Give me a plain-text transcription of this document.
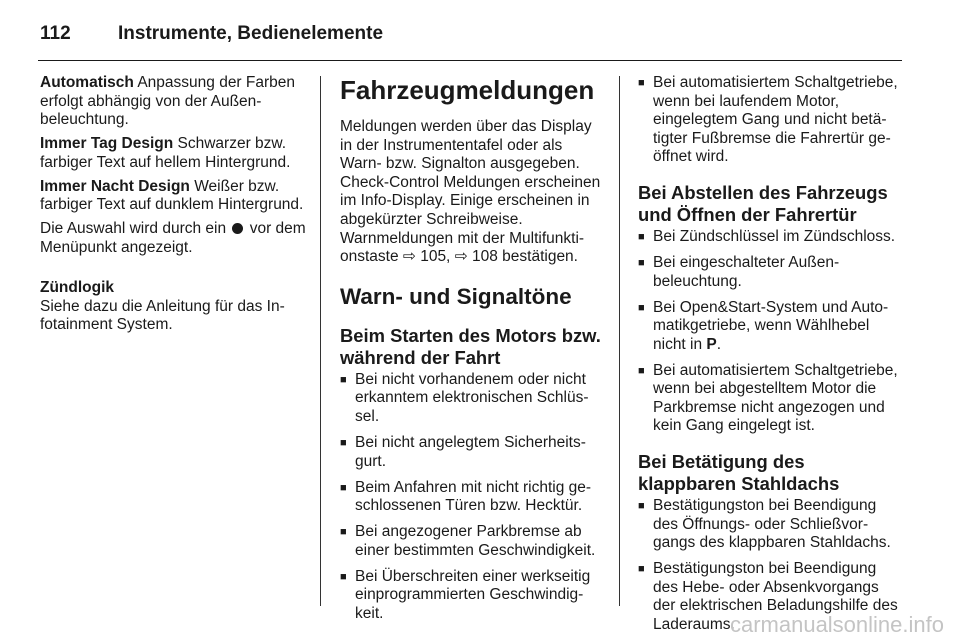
112	Instrumente, Bedienelemente

Automatisch Anpassung der Farben erfolgt abhängig von der Außenbeleuchtung.

Immer Tag Design Schwarzer bzw. farbiger Text auf hellem Hintergrund.

Immer Nacht Design Weißer bzw. farbiger Text auf dunklem Hintergrund.

Die Auswahl wird durch ein  vor dem Menüpunkt angezeigt.

Zündlogik

Siehe dazu die Anleitung für das Infotainment System.

Fahrzeugmeldungen

Meldungen werden über das Display in der Instrumententafel oder als Warn- bzw. Signalton ausgegeben. Check-Control Meldungen erscheinen im Info-Display. Einige erscheinen in abgekürzter Schreibweise. Warnmeldungen mit der Multifunktionstaste ⇨ 105, ⇨ 108 bestätigen.

Warn- und Signaltöne
Beim Starten des Motors bzw. während der Fahrt
■ Bei nicht vorhandenem oder nicht erkanntem elektronischen Schlüssel.
■ Bei nicht angelegtem Sicherheitsgurt.
■ Beim Anfahren mit nicht richtig geschlossenen Türen bzw. Hecktür.
■ Bei angezogener Parkbremse ab einer bestimmten Geschwindigkeit.
■ Bei Überschreiten einer werkseitig einprogrammierten Geschwindigkeit.
■ Bei automatisiertem Schaltgetriebe, wenn bei laufendem Motor, eingelegtem Gang und nicht betätigter Fußbremse die Fahrertür geöffnet wird.
Bei Abstellen des Fahrzeugs und Öffnen der Fahrertür
■ Bei Zündschlüssel im Zündschloss.
■ Bei eingeschalteter Außenbeleuchtung.
■ Bei Open&Start-System und Automatikgetriebe, wenn Wählhebel nicht in P.
■ Bei automatisiertem Schaltgetriebe, wenn bei abgestelltem Motor die Parkbremse nicht angezogen und kein Gang eingelegt ist.
Bei Betätigung des klappbaren Stahldachs
■ Bestätigungston bei Beendigung des Öffnungs- oder Schließvorgangs des klappbaren Stahldachs.
■ Bestätigungston bei Beendigung des Hebe- oder Absenkvorgangs der elektrischen Beladungshilfe des Laderaums.
carmanualsonline.info
